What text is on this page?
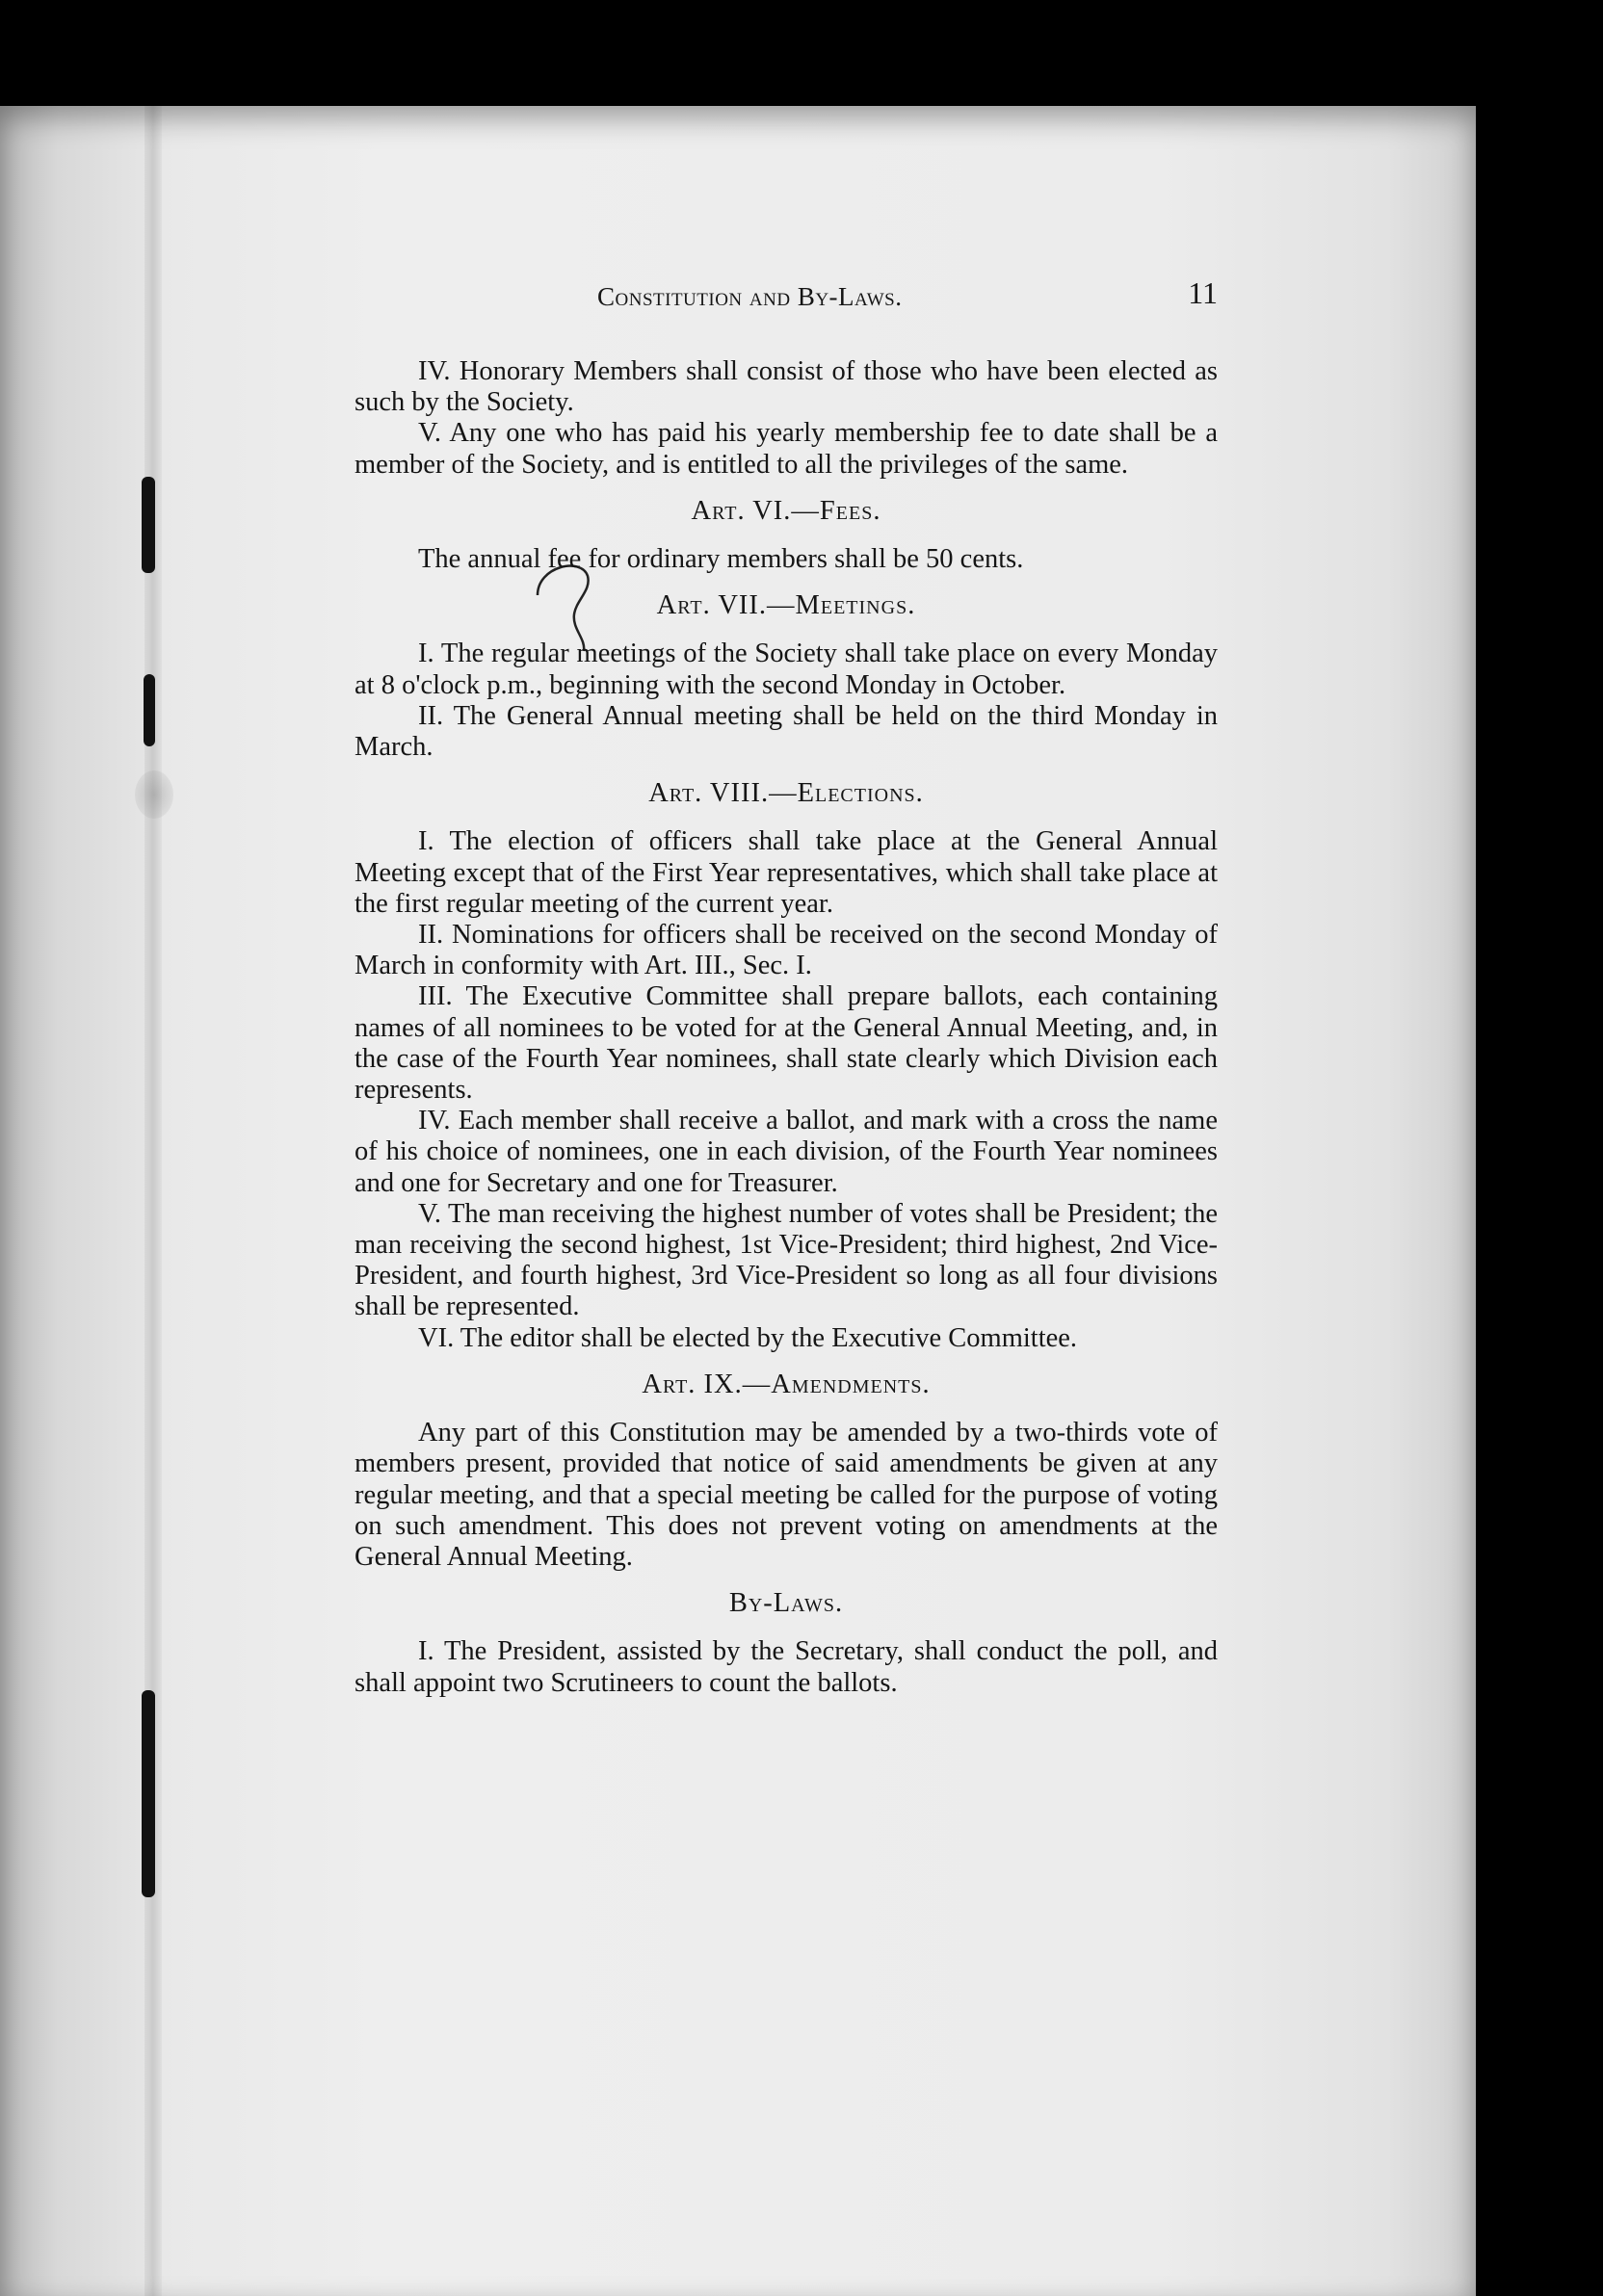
Constitution and By-Laws.	11

IV. Honorary Members shall consist of those who have been elected as such by the Society.

V. Any one who has paid his yearly membership fee to date shall be a member of the Society, and is entitled to all the privileges of the same.

Art. VI.—Fees.

The annual fee for ordinary members shall be 50 cents.

Art. VII.—Meetings.

I. The regular meetings of the Society shall take place on every Monday at 8 o'clock p.m., beginning with the second Monday in October.

II. The General Annual meeting shall be held on the third Monday in March.

Art. VIII.—Elections.

I. The election of officers shall take place at the General Annual Meeting except that of the First Year representatives, which shall take place at the first regular meeting of the current year.

II. Nominations for officers shall be received on the second Monday of March in conformity with Art. III., Sec. I.

III. The Executive Committee shall prepare ballots, each containing names of all nominees to be voted for at the General Annual Meeting, and, in the case of the Fourth Year nominees, shall state clearly which Division each represents.

IV. Each member shall receive a ballot, and mark with a cross the name of his choice of nominees, one in each division, of the Fourth Year nominees and one for Secretary and one for Treasurer.

V. The man receiving the highest number of votes shall be President; the man receiving the second highest, 1st Vice-President; third highest, 2nd Vice-President, and fourth highest, 3rd Vice-President so long as all four divisions shall be represented.

VI. The editor shall be elected by the Executive Committee.

Art. IX.—Amendments.

Any part of this Constitution may be amended by a two-thirds vote of members present, provided that notice of said amendments be given at any regular meeting, and that a special meeting be called for the purpose of voting on such amendment. This does not prevent voting on amendments at the General Annual Meeting.

By-Laws.

I. The President, assisted by the Secretary, shall conduct the poll, and shall appoint two Scrutineers to count the ballots.
